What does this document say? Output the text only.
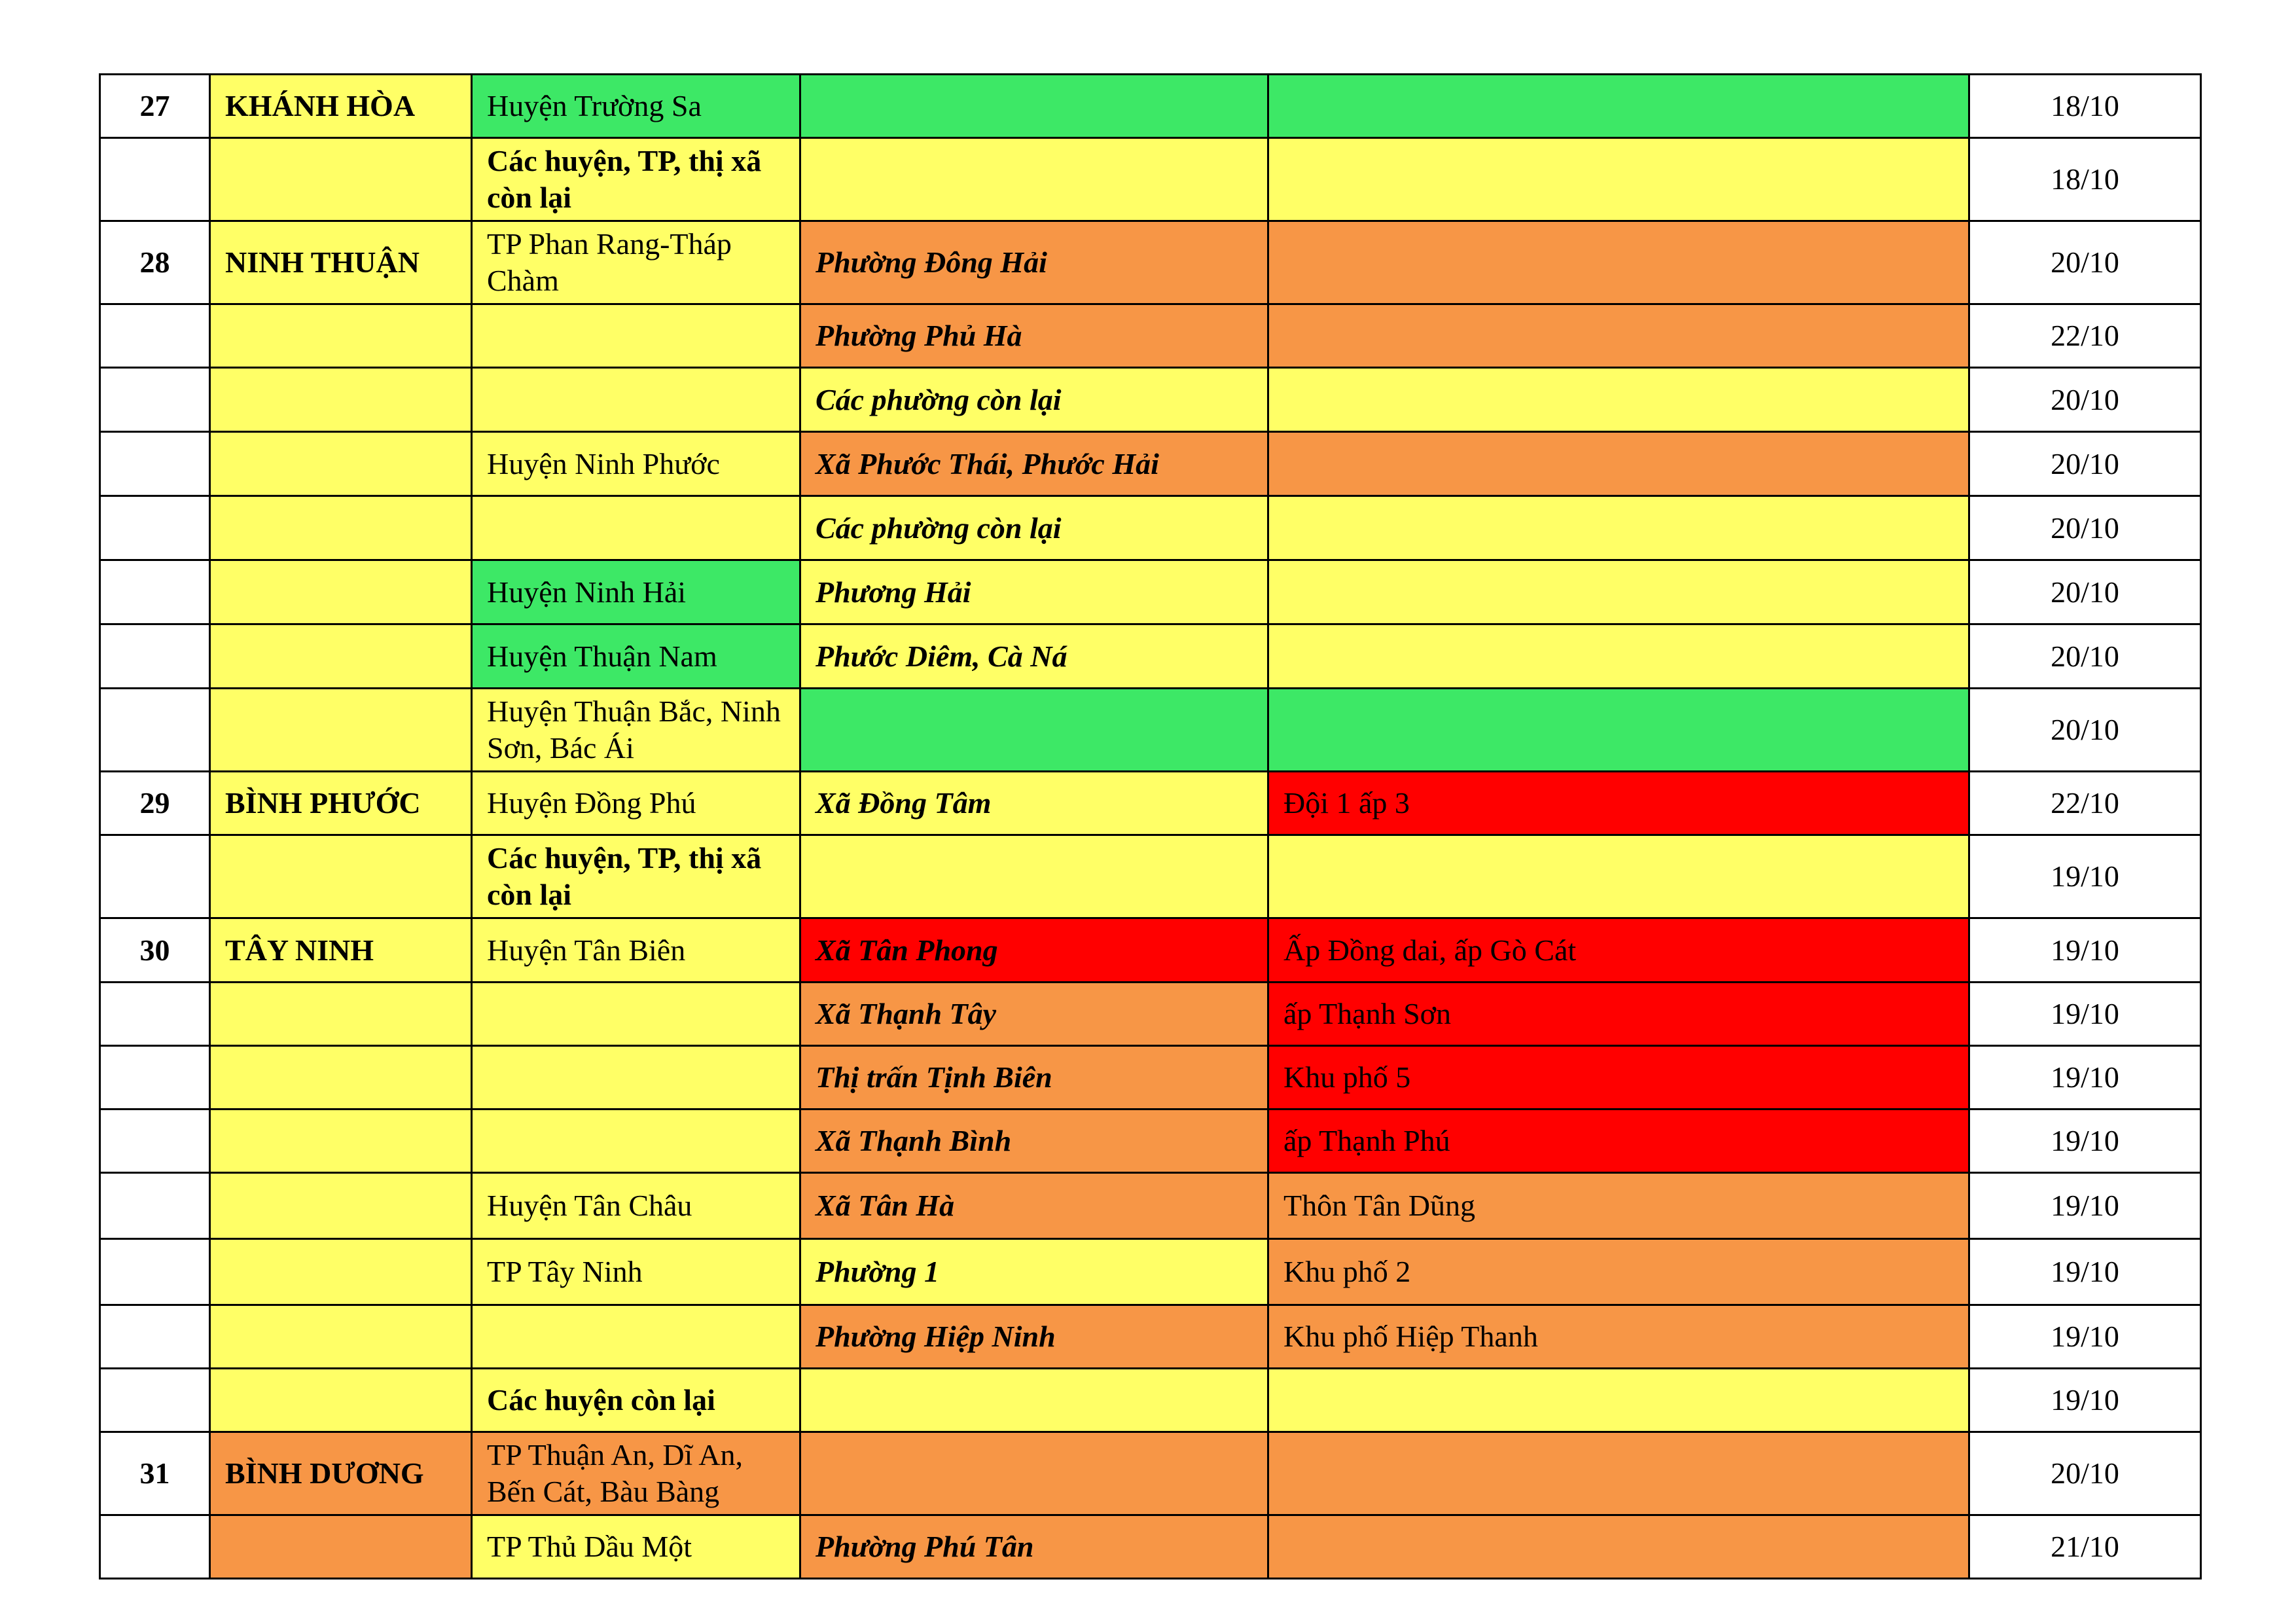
27	KHÁNH HÒA	Huyện Trường Sa			18/10
		Các huyện, TP, thị xã còn lại			18/10
28	NINH THUẬN	TP Phan Rang-Tháp Chàm	Phường Đông Hải		20/10
			Phường Phủ Hà		22/10
			Các phường còn lại		20/10
		Huyện Ninh Phước	Xã Phước Thái, Phước Hải		20/10
			Các phường còn lại		20/10
		Huyện Ninh Hải	Phương Hải		20/10
		Huyện Thuận Nam	Phước Diêm, Cà Ná		20/10
		Huyện Thuận Bắc, Ninh Sơn, Bác Ái			20/10
29	BÌNH PHƯỚC	Huyện Đồng Phú	Xã Đồng Tâm	Đội 1 ấp 3	22/10
		Các huyện, TP, thị xã còn lại			19/10
30	TÂY NINH	Huyện Tân Biên	Xã Tân Phong	Ấp Đồng dai, ấp Gò Cát	19/10
			Xã Thạnh Tây	ấp Thạnh Sơn	19/10
			Thị trấn Tịnh Biên	Khu phố 5	19/10
			Xã Thạnh Bình	ấp Thạnh Phú	19/10
		Huyện Tân Châu	Xã Tân Hà	Thôn Tân Dũng	19/10
		TP Tây Ninh	Phường 1	Khu phố 2	19/10
			Phường Hiệp Ninh	Khu phố Hiệp Thanh	19/10
		Các huyện còn lại			19/10
31	BÌNH DƯƠNG	TP Thuận An, Dĩ An, Bến Cát, Bàu Bàng			20/10
		TP Thủ Dầu Một	Phường Phú Tân		21/10
